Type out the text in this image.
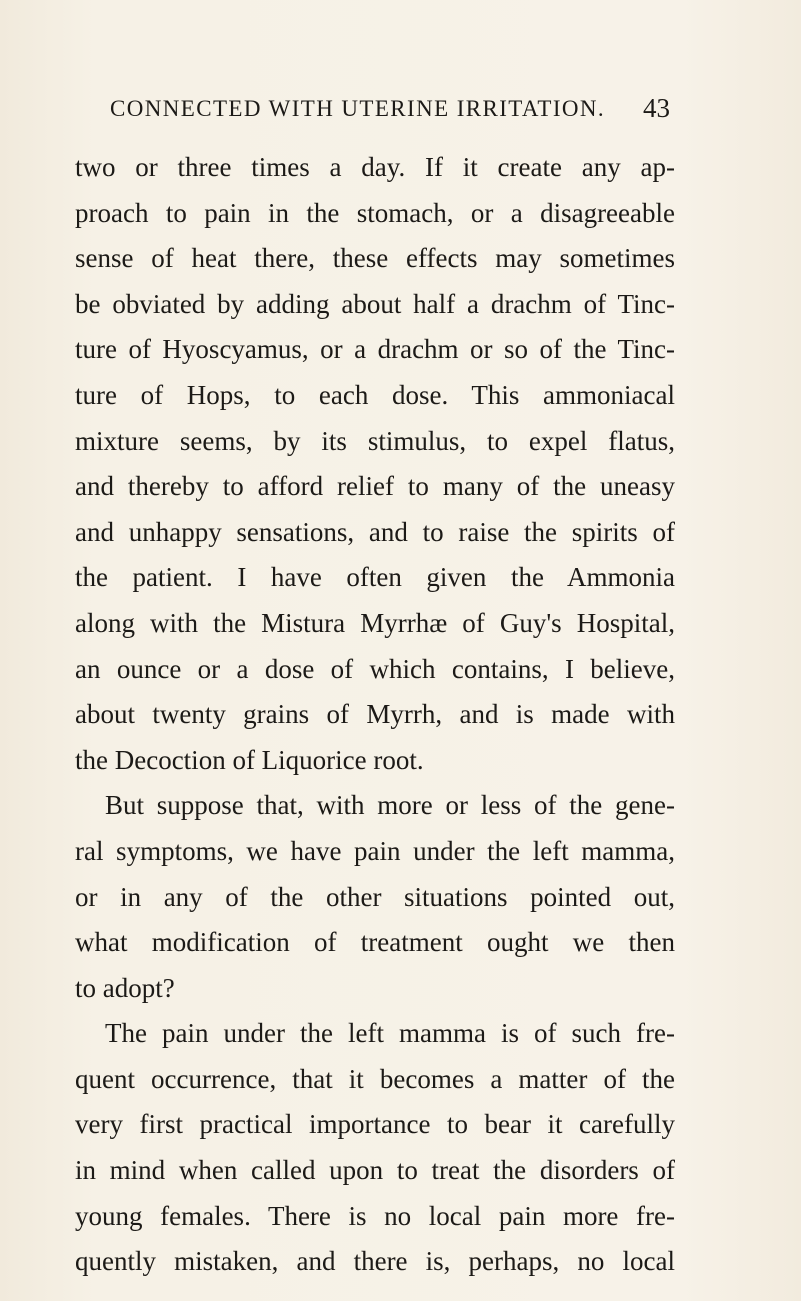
CONNECTED WITH UTERINE IRRITATION. 43
two or three times a day. If it create any ap-
proach to pain in the stomach, or a disagreeable
sense of heat there, these effects may sometimes
be obviated by adding about half a drachm of Tinc-
ture of Hyoscyamus, or a drachm or so of the Tinc-
ture of Hops, to each dose. This ammoniacal
mixture seems, by its stimulus, to expel flatus,
and thereby to afford relief to many of the uneasy
and unhappy sensations, and to raise the spirits of
the patient. I have often given the Ammonia
along with the Mistura Myrrhæ of Guy's Hospital,
an ounce or a dose of which contains, I believe,
about twenty grains of Myrrh, and is made with
the Decoction of Liquorice root.
But suppose that, with more or less of the gene-
ral symptoms, we have pain under the left mamma,
or in any of the other situations pointed out,
what modification of treatment ought we then
to adopt?
The pain under the left mamma is of such fre-
quent occurrence, that it becomes a matter of the
very first practical importance to bear it carefully
in mind when called upon to treat the disorders of
young females. There is no local pain more fre-
quently mistaken, and there is, perhaps, no local
